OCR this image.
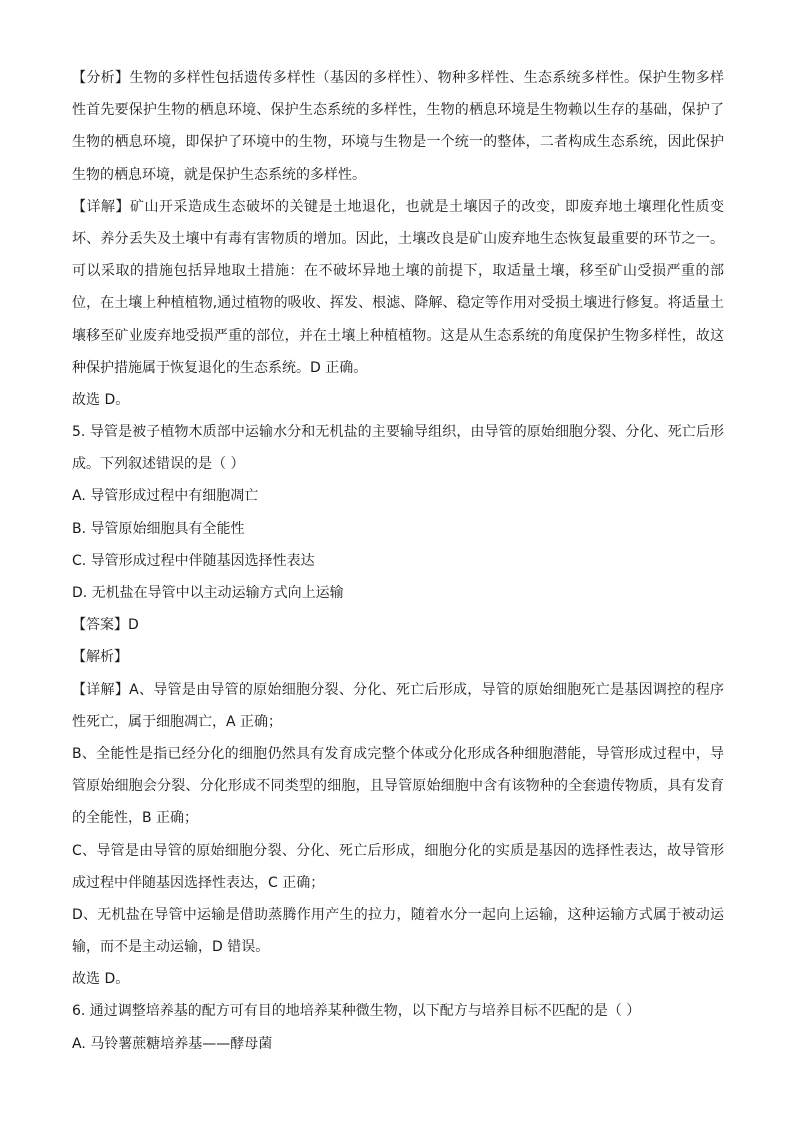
【分析】生物的多样性包括遗传多样性（基因的多样性）、物种多样性、生态系统多样性。保护生物多样
性首先要保护生物的栖息环境、保护生态系统的多样性，生物的栖息环境是生物赖以生存的基础，保护了
生物的栖息环境，即保护了环境中的生物，环境与生物是一个统一的整体，二者构成生态系统，因此保护
生物的栖息环境，就是保护生态系统的多样性。
【详解】矿山开采造成生态破坏的关键是土地退化，也就是土壤因子的改变，即废弃地土壤理化性质变
坏、养分丢失及土壤中有毒有害物质的增加。因此，土壤改良是矿山废弃地生态恢复最重要的环节之一。
可以采取的措施包括异地取土措施：在不破坏异地土壤的前提下，取适量土壤，移至矿山受损严重的部
位，在土壤上种植植物,通过植物的吸收、挥发、根滤、降解、稳定等作用对受损土壤进行修复。将适量土
壤移至矿业废弃地受损严重的部位，并在土壤上种植植物。这是从生态系统的角度保护生物多样性，故这
种保护措施属于恢复退化的生态系统。D 正确。
故选 D。
5. 导管是被子植物木质部中运输水分和无机盐的主要输导组织，由导管的原始细胞分裂、分化、死亡后形
成。下列叙述错误的是（ ）
A. 导管形成过程中有细胞凋亡
B. 导管原始细胞具有全能性
C. 导管形成过程中伴随基因选择性表达
D. 无机盐在导管中以主动运输方式向上运输
【答案】D
【解析】
【详解】A、导管是由导管的原始细胞分裂、分化、死亡后形成，导管的原始细胞死亡是基因调控的程序
性死亡，属于细胞凋亡，A 正确；
B、全能性是指已经分化的细胞仍然具有发育成完整个体或分化形成各种细胞潜能，导管形成过程中，导
管原始细胞会分裂、分化形成不同类型的细胞，且导管原始细胞中含有该物种的全套遗传物质，具有发育
的全能性，B 正确；
C、导管是由导管的原始细胞分裂、分化、死亡后形成，细胞分化的实质是基因的选择性表达，故导管形
成过程中伴随基因选择性表达，C 正确；
D、无机盐在导管中运输是借助蒸腾作用产生的拉力，随着水分一起向上运输，这种运输方式属于被动运
输，而不是主动运输，D 错误。
故选 D。
6. 通过调整培养基的配方可有目的地培养某种微生物，以下配方与培养目标不匹配的是（ ）
A. 马铃薯蔗糖培养基——酵母菌
